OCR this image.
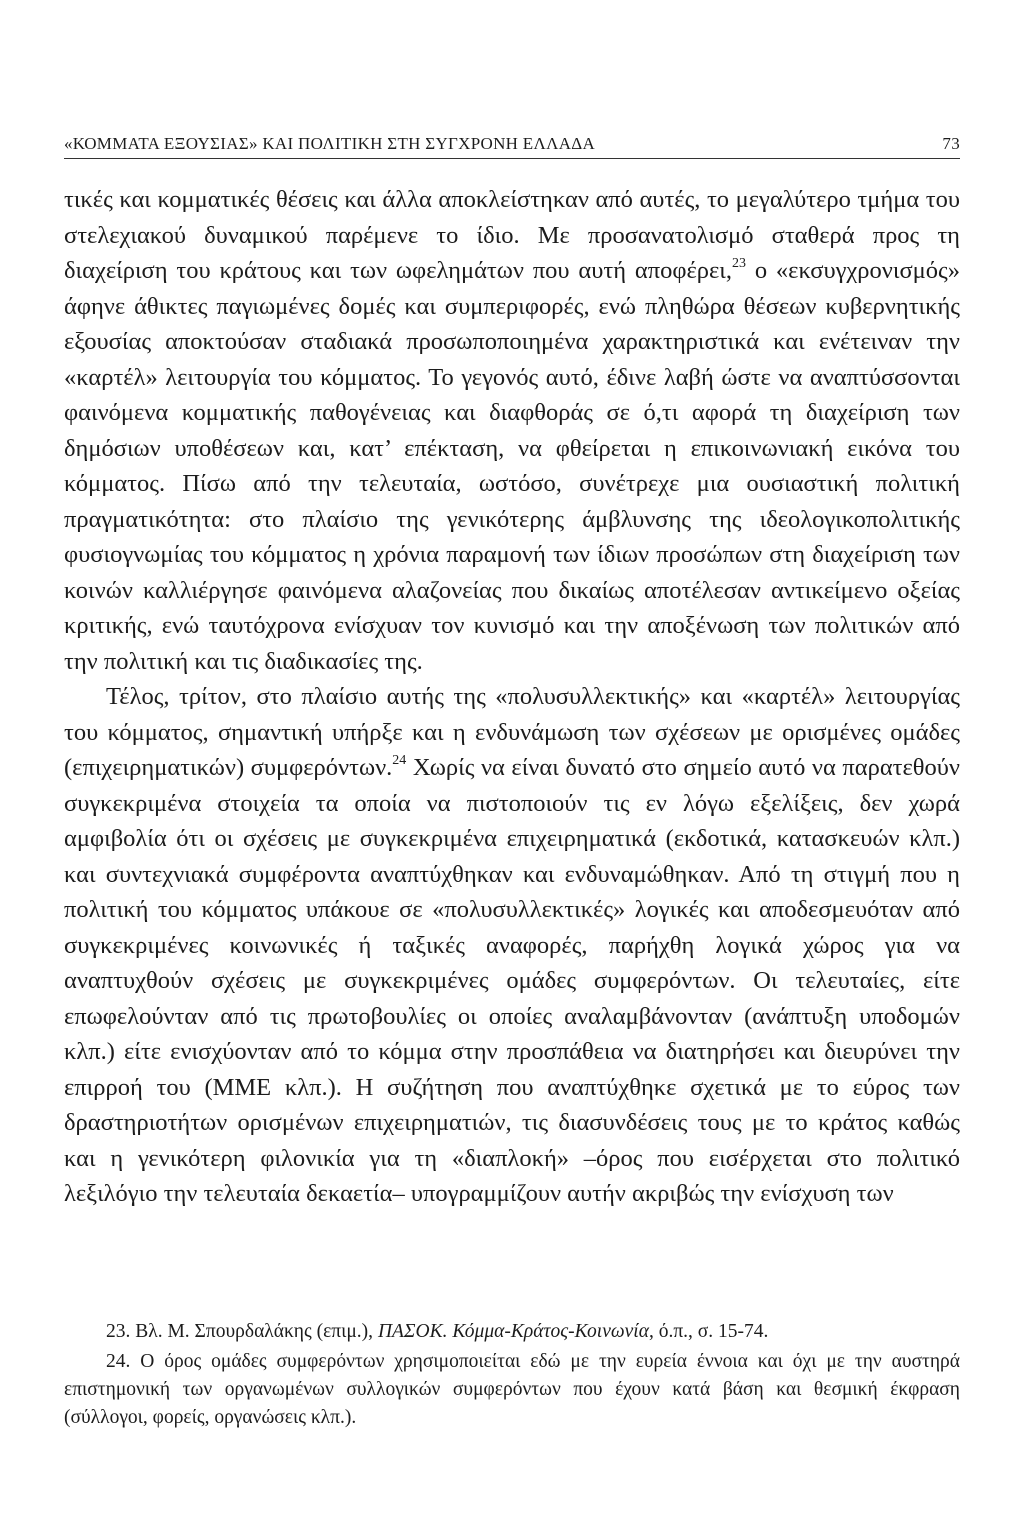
«ΚΟΜΜΑΤΑ ΕΞΟΥΣΙΑΣ» ΚΑΙ ΠΟΛΙΤΙΚΗ ΣΤΗ ΣΥΓΧΡΟΝΗ ΕΛΛΑΔΑ	73

τικές και κομματικές θέσεις και άλλα αποκλείστηκαν από αυτές, το μεγαλύτερο τμήμα του στελεχιακού δυναμικού παρέμενε το ίδιο. Με προσανατολισμό σταθερά προς τη διαχείριση του κράτους και των ωφελημάτων που αυτή αποφέρει,$^{23}$ ο «εκσυγχρονισμός» άφηνε άθικτες παγιωμένες δομές και συμπεριφορές, ενώ πληθώρα θέσεων κυβερνητικής εξουσίας αποκτούσαν σταδιακά προσωποποιημένα χαρακτηριστικά και ενέτειναν την «καρτέλ» λειτουργία του κόμματος. Το γεγονός αυτό, έδινε λαβή ώστε να αναπτύσσονται φαινόμενα κομματικής παθογένειας και διαφθοράς σε ό,τι αφορά τη διαχείριση των δημόσιων υποθέσεων και, κατ’ επέκταση, να φθείρεται η επικοινωνιακή εικόνα του κόμματος. Πίσω από την τελευταία, ωστόσο, συνέτρεχε μια ουσιαστική πολιτική πραγματικότητα: στο πλαίσιο της γενικότερης άμβλυνσης της ιδεολογικοπολιτικής φυσιογνωμίας του κόμματος η χρόνια παραμονή των ίδιων προσώπων στη διαχείριση των κοινών καλλιέργησε φαινόμενα αλαζονείας που δικαίως αποτέλεσαν αντικείμενο οξείας κριτικής, ενώ ταυτόχρονα ενίσχυαν τον κυνισμό και την αποξένωση των πολιτικών από την πολιτική και τις διαδικασίες της.

Τέλος, τρίτον, στο πλαίσιο αυτής της «πολυσυλλεκτικής» και «καρτέλ» λειτουργίας του κόμματος, σημαντική υπήρξε και η ενδυνάμωση των σχέσεων με ορισμένες ομάδες (επιχειρηματικών) συμφερόντων.$^{24}$ Χωρίς να είναι δυνατό στο σημείο αυτό να παρατεθούν συγκεκριμένα στοιχεία τα οποία να πιστοποιούν τις εν λόγω εξελίξεις, δεν χωρά αμφιβολία ότι οι σχέσεις με συγκεκριμένα επιχειρηματικά (εκδοτικά, κατασκευών κλπ.) και συντεχνιακά συμφέροντα αναπτύχθηκαν και ενδυναμώθηκαν. Από τη στιγμή που η πολιτική του κόμματος υπάκουε σε «πολυσυλλεκτικές» λογικές και αποδεσμευόταν από συγκεκριμένες κοινωνικές ή ταξικές αναφορές, παρήχθη λογικά χώρος για να αναπτυχθούν σχέσεις με συγκεκριμένες ομάδες συμφερόντων. Οι τελευταίες, είτε επωφελούνταν από τις πρωτοβουλίες οι οποίες αναλαμβάνονταν (ανάπτυξη υποδομών κλπ.) είτε ενισχύονταν από το κόμμα στην προσπάθεια να διατηρήσει και διευρύνει την επιρροή του (ΜΜΕ κλπ.). Η συζήτηση που αναπτύχθηκε σχετικά με το εύρος των δραστηριοτήτων ορισμένων επιχειρηματιών, τις διασυνδέσεις τους με το κράτος καθώς και η γενικότερη φιλονικία για τη «διαπλοκή» –όρος που εισέρχεται στο πολιτικό λεξιλόγιο την τελευταία δεκαετία– υπογραμμίζουν αυτήν ακριβώς την ενίσχυση των

23. Βλ. Μ. Σπουρδαλάκης (επιμ.), ΠΑΣΟΚ. Κόμμα-Κράτος-Κοινωνία, ό.π., σ. 15-74.

24. Ο όρος ομάδες συμφερόντων χρησιμοποιείται εδώ με την ευρεία έννοια και όχι με την αυστηρά επιστημονική των οργανωμένων συλλογικών συμφερόντων που έχουν κατά βάση και θεσμική έκφραση (σύλλογοι, φορείς, οργανώσεις κλπ.).
